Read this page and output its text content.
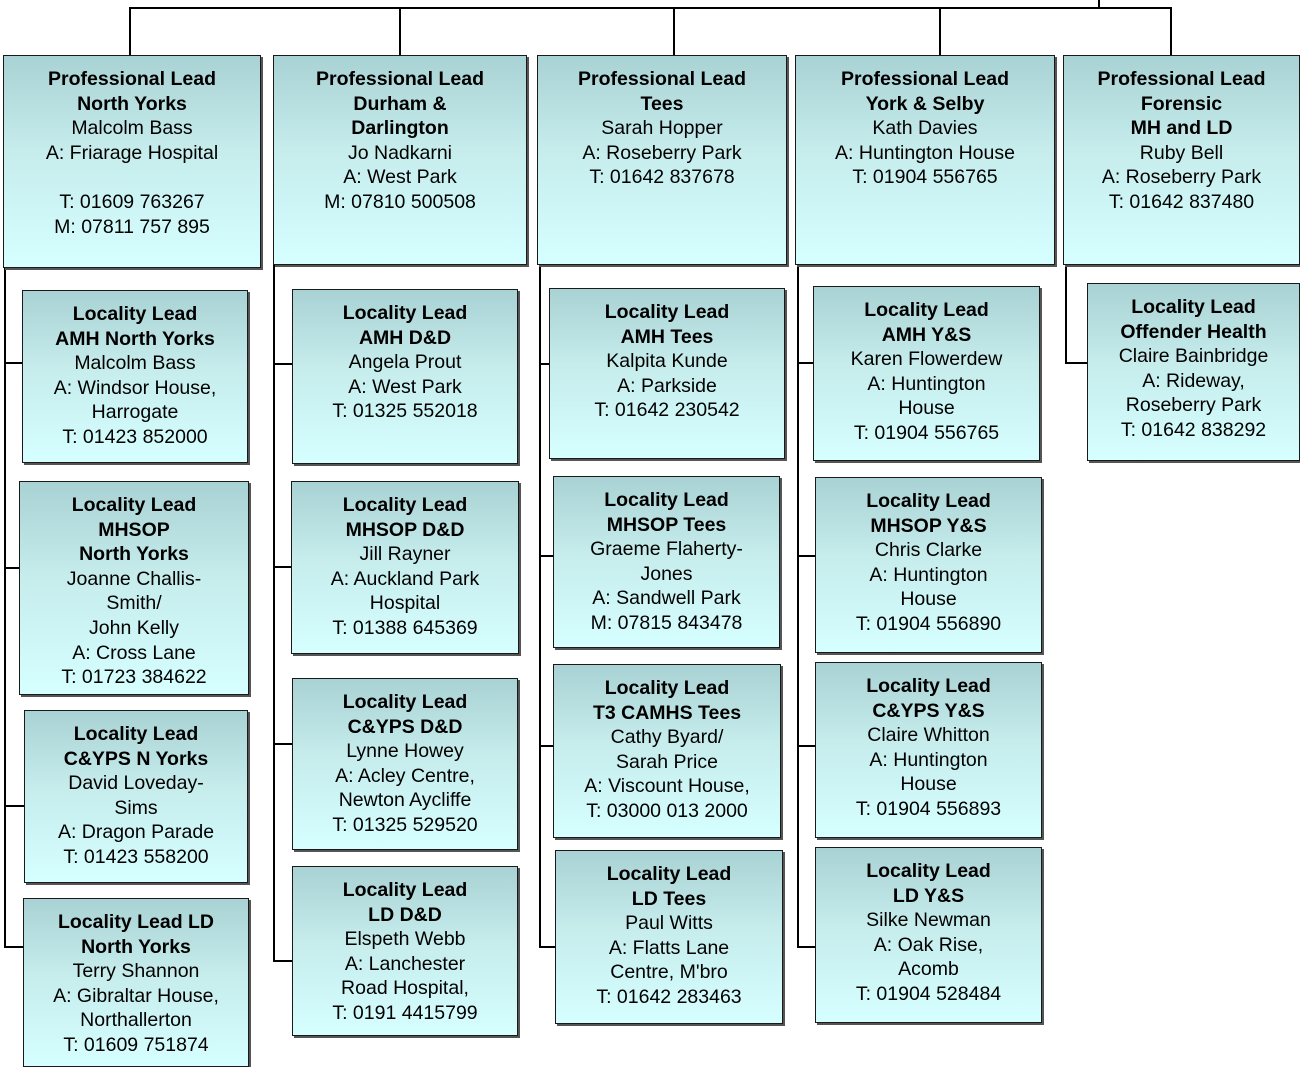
Professional Lead
North Yorks
Malcolm Bass
A: Friarage Hospital
T: 01609 763267
M: 07811 757 895
Professional Lead
Durham &
Darlington
Jo Nadkarni
A: West Park
M: 07810 500508
Professional Lead
Tees
Sarah Hopper
A: Roseberry Park
T: 01642 837678
Professional Lead
York & Selby
Kath Davies
A: Huntington House
T: 01904 556765
Professional Lead
Forensic
MH and LD
Ruby Bell
A: Roseberry Park
T: 01642 837480
Locality Lead
AMH North Yorks
Malcolm Bass
A: Windsor House,
Harrogate
T: 01423 852000
Locality Lead
MHSOP
North Yorks
Joanne Challis-
Smith/
John Kelly
A: Cross Lane
T: 01723 384622
Locality Lead
C&YPS N Yorks
David Loveday-
Sims
A: Dragon Parade
T: 01423 558200
Locality Lead LD
North Yorks
Terry Shannon
A: Gibraltar House,
Northallerton
T: 01609 751874
Locality Lead
AMH D&D
Angela Prout
A: West Park
T: 01325 552018
Locality Lead
MHSOP D&D
Jill Rayner
A: Auckland Park
Hospital
T: 01388 645369
Locality Lead
C&YPS D&D
Lynne Howey
A: Acley Centre,
Newton Aycliffe
T: 01325 529520
Locality Lead
LD D&D
Elspeth Webb
A: Lanchester
Road Hospital,
T: 0191 4415799
Locality Lead
AMH Tees
Kalpita Kunde
A: Parkside
T: 01642 230542
Locality Lead
MHSOP Tees
Graeme Flaherty-
Jones
A: Sandwell Park
M: 07815 843478
Locality Lead
T3 CAMHS Tees
Cathy Byard/
Sarah Price
A: Viscount House,
T: 03000 013 2000
Locality Lead
LD Tees
Paul Witts
A: Flatts Lane
Centre, M'bro
T: 01642 283463
Locality Lead
AMH Y&S
Karen Flowerdew
A: Huntington
House
T: 01904 556765
Locality Lead
MHSOP Y&S
Chris Clarke
A: Huntington
House
T: 01904 556890
Locality Lead
C&YPS Y&S
Claire Whitton
A: Huntington
House
T: 01904 556893
Locality Lead
LD Y&S
Silke Newman
A: Oak Rise,
Acomb
T: 01904 528484
Locality Lead
Offender Health
Claire Bainbridge
A: Rideway,
Roseberry Park
T: 01642 838292
